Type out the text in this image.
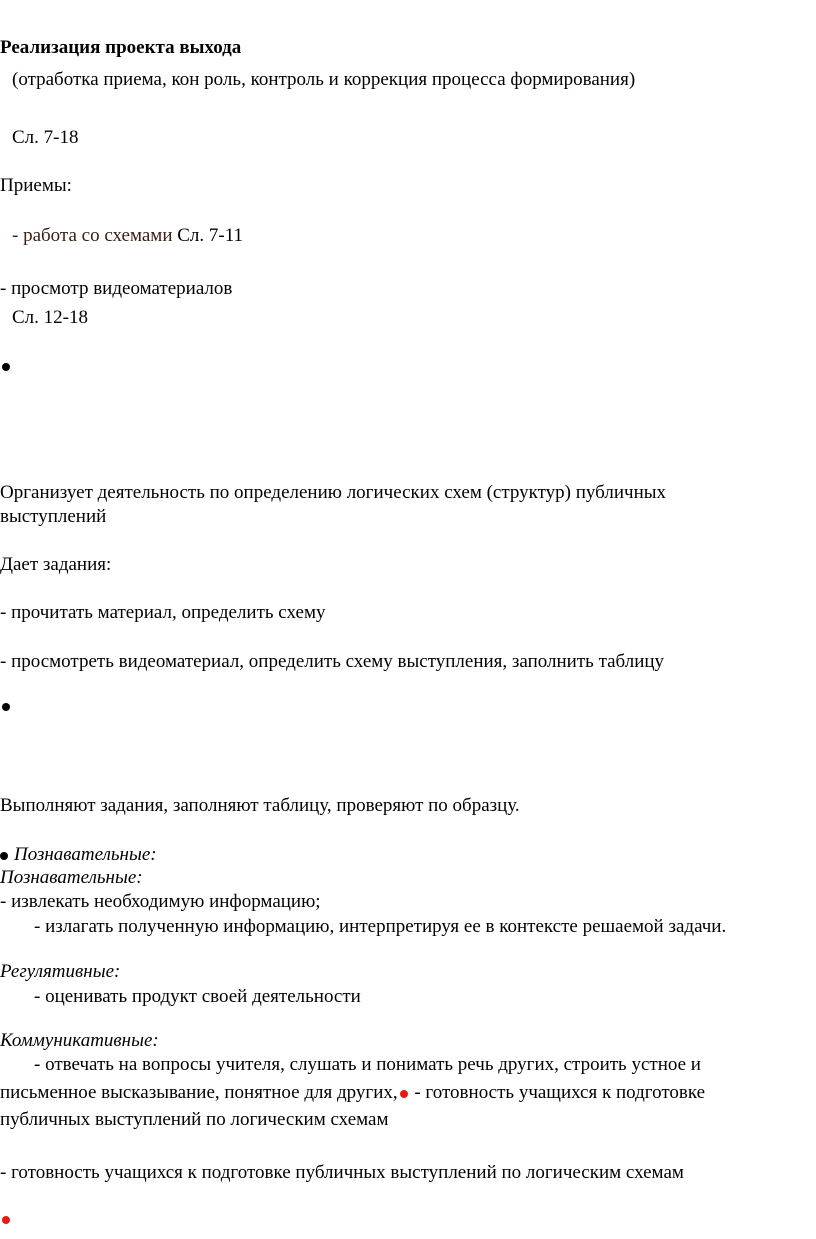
Реализация проекта выхода
(отработка приема, кон роль, контроль и коррекция процесса формирования)
Сл. 7-18
Приемы:
- работа со схемами Сл. 7-11
- просмотр видеоматериалов
Сл. 12-18
Организует деятельность по определению логических схем (структур) публичных
выступлений
Дает задания:
- прочитать материал, определить схему
- просмотреть видеоматериал, определить схему выступления, заполнить таблицу
Выполняют задания, заполняют таблицу, проверяют по образцу.
Познавательные:
Познавательные:
- извлекать необходимую информацию;
- излагать полученную информацию, интерпретируя ее в контексте решаемой задачи.
Регулятивные:
- оценивать продукт своей деятельности
Коммуникативные:
- отвечать на вопросы учителя, слушать и понимать речь других, строить устное и
письменное высказывание, понятное для других, - готовность учащихся к подготовке
публичных выступлений по логическим схемам
- готовность учащихся к подготовке публичных выступлений по логическим схемам
